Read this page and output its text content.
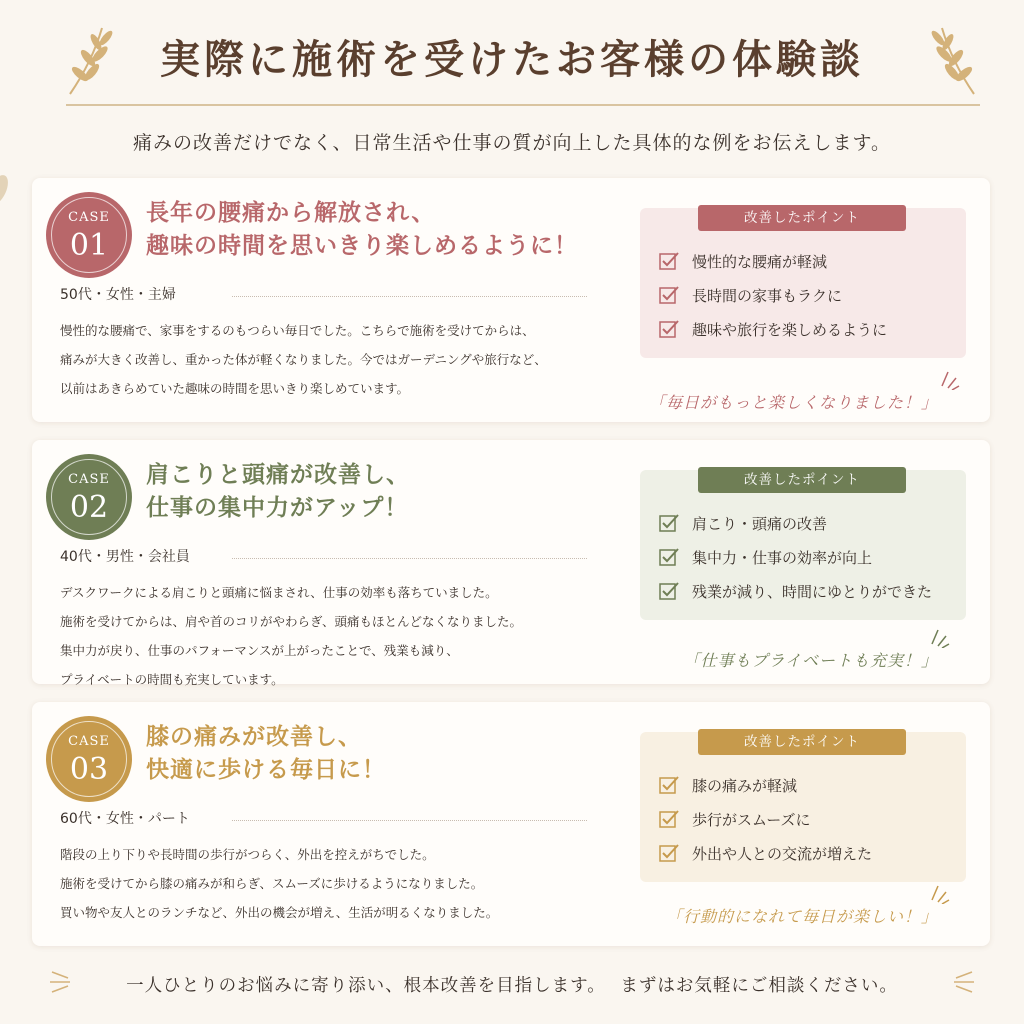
実際に施術を受けたお客様の体験談
痛みの改善だけでなく、日常生活や仕事の質が向上した具体的な例をお伝えします。
CASE
01
長年の腰痛から解放され、
趣味の時間を思いきり楽しめるように！
50代・女性・主婦
慢性的な腰痛で、家事をするのもつらい毎日でした。こちらで施術を受けてからは、
痛みが大きく改善し、重かった体が軽くなりました。今ではガーデニングや旅行など、
以前はあきらめていた趣味の時間を思いきり楽しめています。
改善したポイント
慢性的な腰痛が軽減
長時間の家事もラクに
趣味や旅行を楽しめるように
「毎日がもっと楽しくなりました！」
CASE
02
肩こりと頭痛が改善し、
仕事の集中力がアップ！
40代・男性・会社員
デスクワークによる肩こりと頭痛に悩まされ、仕事の効率も落ちていました。
施術を受けてからは、肩や首のコリがやわらぎ、頭痛もほとんどなくなりました。
集中力が戻り、仕事のパフォーマンスが上がったことで、残業も減り、
プライベートの時間も充実しています。
改善したポイント
肩こり・頭痛の改善
集中力・仕事の効率が向上
残業が減り、時間にゆとりができた
「仕事もプライベートも充実！」
CASE
03
膝の痛みが改善し、
快適に歩ける毎日に！
60代・女性・パート
階段の上り下りや長時間の歩行がつらく、外出を控えがちでした。
施術を受けてから膝の痛みが和らぎ、スムーズに歩けるようになりました。
買い物や友人とのランチなど、外出の機会が増え、生活が明るくなりました。
改善したポイント
膝の痛みが軽減
歩行がスムーズに
外出や人との交流が増えた
「行動的になれて毎日が楽しい！」
一人ひとりのお悩みに寄り添い、根本改善を目指します。 まずはお気軽にご相談ください。
